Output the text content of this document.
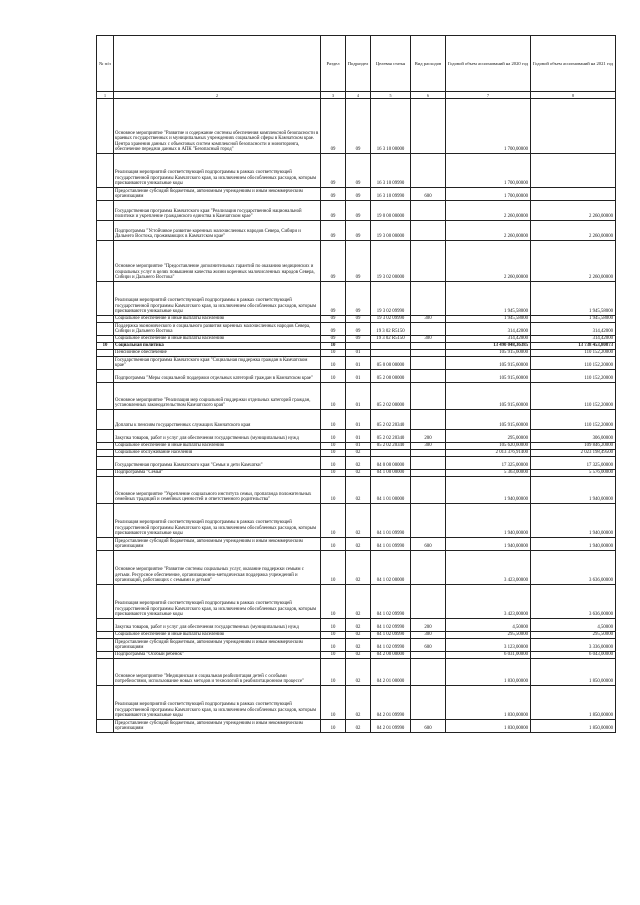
№ п/п		Раздел	Подраздел	Целевая статья	Вид расходов	Годовой объем ассигнований на 2020 год	Годовой объем ассигнований на 2021 год
1	2	3	4	5	6	7	8
	Основное мероприятие "Развитие и содержание системы обеспечения комплексной безопасности в краевых государственных и муниципальных учреждениях социальной сферы в Камчатском крае. Центра хранения данных с объектовых систем комплексной безопасности и мониторинга, обеспечение передачи данных в АПК "Безопасный город"	09	09	16 3 10 00000		1 700,00000	
	Реализация мероприятий соответствующей подпрограммы в рамках соответствующей государственной программы Камчатского края, за исключением обособленных расходов, которым присваиваются уникальные коды	09	09	16 3 10 09990		1 700,00000	
	Предоставление субсидий бюджетным, автономным учреждениям и иным некоммерческим организациям	09	09	16 3 10 09990	600	1 700,00000	
	Государственная программа Камчатского края "Реализация государственной национальной политики и укрепление гражданского единства в Камчатском крае"	09	09	19 0 00 00000		2 260,00000	2 260,00000
	Подпрограмма "Устойчивое развитие коренных малочисленных народов Севера, Сибири и Дальнего Востока, проживающих в Камчатском крае"	09	09	19 3 00 00000		2 260,00000	2 260,00000
	Основное мероприятие "Предоставление дополнительных гарантий по оказанию медицинских и социальных услуг в целях повышения качества жизни коренных малочисленных народов Севера, Сибири и Дальнего Востока"	09	09	19 3 02 00000		2 260,00000	2 260,00000
	Реализация мероприятий соответствующей подпрограммы в рамках соответствующей государственной программы Камчатского края, за исключением обособленных расходов, которым присваиваются уникальные коды	09	09	19 3 02 09990		1 945,58000	1 945,58000
	Социальное обеспечение и иные выплаты населению	09	09	19 3 02 09990	300	1 945,58000	1 945,58000
	Поддержка экономического и социального развития коренных малочисленных народов Севера, Сибири и Дальнего Востока	09	09	19 3 02 R5150		314,42000	314,42000
	Социальное обеспечение и иные выплаты населению	09	09	19 3 02 R5150	300	314,42000	314,42000
10	Социальная политика	10				13 490 048,36385	13 738 453,80873
	Пенсионное обеспечение	10	01			105 915,60000	110 152,20000
	Государственная программа Камчатского края "Социальная поддержка граждан в Камчатском крае"	10	01	05 0 00 00000		105 915,60000	110 152,20000
	Подпрограмма "Меры социальной поддержки отдельных категорий граждан в Камчатском крае"	10	01	05 2 00 00000		105 915,60000	110 152,20000
	Основное мероприятие "Реализация мер социальной поддержки отдельных категорий граждан, установленных законодательством Камчатского края"	10	01	05 2 02 00000		105 915,60000	110 152,20000
	Доплаты к пенсиям государственных служащих Камчатского края	10	01	05 2 02 20340		105 915,60000	110 152,20000
	Закупка товаров, работ и услуг для обеспечения государственных (муниципальных) нужд	10	01	05 2 02 20340	200	295,00000	306,00000
	Социальное обеспечение и иные выплаты населению	10	01	05 2 02 20340	300	105 620,60000	109 846,20000
	Социальное обслуживание населения	10	02			2 013 376,91400	2 023 198,49500
	Государственная программа Камчатского края "Семья и дети Камчатки"	10	02	04 0 00 00000		17 325,00000	17 325,00000
	Подпрограмма "Семья"	10	02	04 1 00 00000		5 363,00000	5 576,00000
	Основное мероприятие "Укрепление социального института семьи, пропаганда положительных семейных традиций и семейных ценностей и ответственного родительства"	10	02	04 1 01 00000		1 940,00000	1 940,00000
	Реализация мероприятий соответствующей подпрограммы в рамках соответствующей государственной программы Камчатского края, за исключением обособленных расходов, которым присваиваются уникальные коды	10	02	04 1 01 09990		1 940,00000	1 940,00000
	Предоставление субсидий бюджетным, автономным учреждениям и иным некоммерческим организациям	10	02	04 1 01 09990	600	1 940,00000	1 940,00000
	Основное мероприятие "Развитие системы социальных услуг, оказание поддержки семьям с детьми. Ресурсное обеспечение, организационно-методическая поддержка учреждений и организаций, работающих с семьями и детьми"	10	02	04 1 02 00000		3 423,00000	3 636,00000
	Реализация мероприятий соответствующей подпрограммы в рамках соответствующей государственной программы Камчатского края, за исключением обособленных расходов, которым присваиваются уникальные коды	10	02	04 1 02 09990		3 423,00000	3 636,00000
	Закупка товаров, работ и услуг для обеспечения государственных (муниципальных) нужд	10	02	04 1 02 09990	200	4,50000	4,50000
	Социальное обеспечение и иные выплаты населению	10	02	04 1 02 09990	300	295,50000	295,50000
	Предоставление субсидий бюджетным, автономным учреждениям и иным некоммерческим организациям	10	02	04 1 02 09990	600	3 123,00000	3 336,00000
	Подпрограмма "Особый ребенок"	10	02	04 2 00 00000		6 031,00000	6 043,00000
	Основное мероприятие "Медицинская и социальная реабилитация детей с особыми потребностями, использование новых методов и технологий в реабилитационном процессе"	10	02	04 2 01 00000		1 830,00000	1 850,00000
	Реализация мероприятий соответствующей подпрограммы в рамках соответствующей государственной программы Камчатского края, за исключением обособленных расходов, которым присваиваются уникальные коды	10	02	04 2 01 09990		1 830,00000	1 850,00000
	Предоставление субсидий бюджетным, автономным учреждениям и иным некоммерческим организациям	10	02	04 2 01 09990	600	1 830,00000	1 850,00000
